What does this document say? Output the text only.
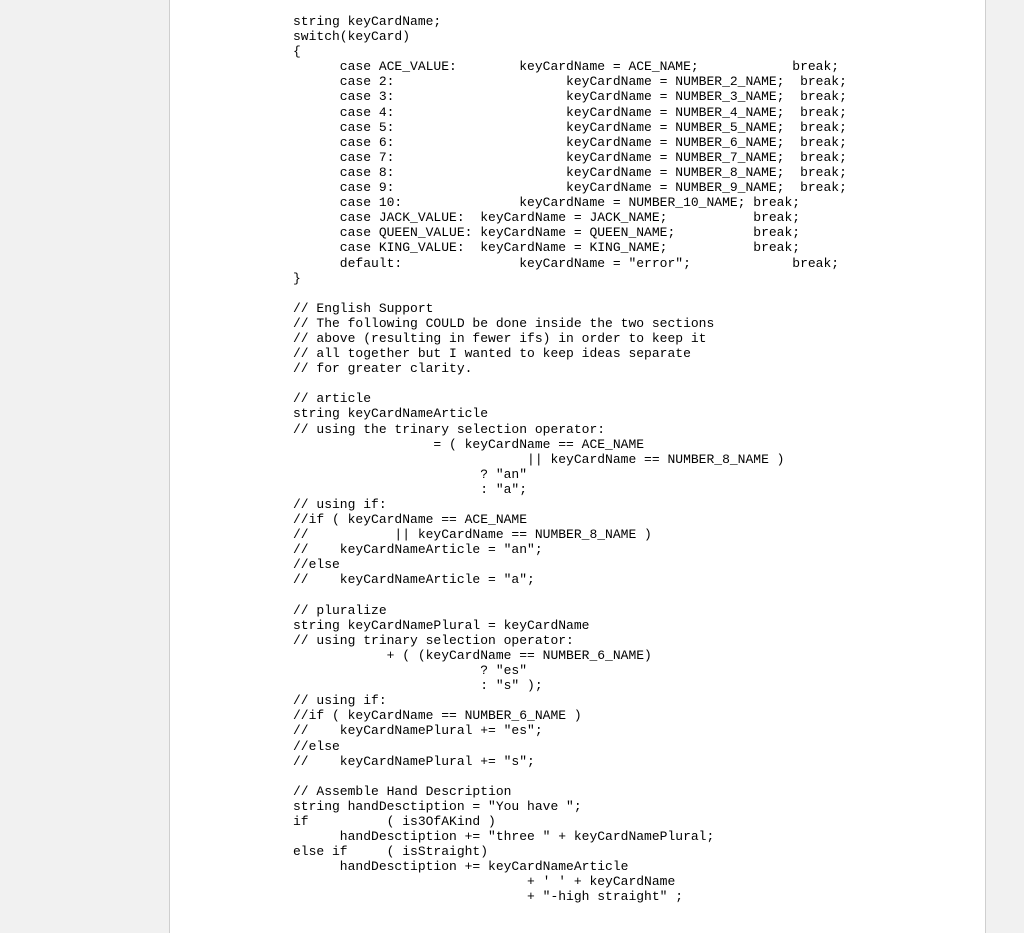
string keyCardName;
switch(keyCard)
{
case ACE_VALUE:        keyCardName = ACE_NAME;            break;
case 2:                      keyCardName = NUMBER_2_NAME;  break;
case 3:                      keyCardName = NUMBER_3_NAME;  break;
case 4:                      keyCardName = NUMBER_4_NAME;  break;
case 5:                      keyCardName = NUMBER_5_NAME;  break;
case 6:                      keyCardName = NUMBER_6_NAME;  break;
case 7:                      keyCardName = NUMBER_7_NAME;  break;
case 8:                      keyCardName = NUMBER_8_NAME;  break;
case 9:                      keyCardName = NUMBER_9_NAME;  break;
case 10:               keyCardName = NUMBER_10_NAME; break;
case JACK_VALUE:  keyCardName = JACK_NAME;           break;
case QUEEN_VALUE: keyCardName = QUEEN_NAME;          break;
case KING_VALUE:  keyCardName = KING_NAME;           break;
default:               keyCardName = "error";             break;
}
// English Support
// The following COULD be done inside the two sections
// above (resulting in fewer ifs) in order to keep it
// all together but I wanted to keep ideas separate
// for greater clarity.
// article
string keyCardNameArticle
// using the trinary selection operator:
= ( keyCardName == ACE_NAME
|| keyCardName == NUMBER_8_NAME )
? "an"
: "a";
// using if:
//if ( keyCardName == ACE_NAME
//           || keyCardName == NUMBER_8_NAME )
//    keyCardNameArticle = "an";
//else
//    keyCardNameArticle = "a";
// pluralize
string keyCardNamePlural = keyCardName
// using trinary selection operator:
+ ( (keyCardName == NUMBER_6_NAME)
? "es"
: "s" );
// using if:
//if ( keyCardName == NUMBER_6_NAME )
//    keyCardNamePlural += "es";
//else
//    keyCardNamePlural += "s";
// Assemble Hand Description
string handDesctiption = "You have ";
if          ( is3OfAKind )
handDesctiption += "three " + keyCardNamePlural;
else if     ( isStraight)
handDesctiption += keyCardNameArticle
+ ' ' + keyCardName
+ "-high straight" ;
